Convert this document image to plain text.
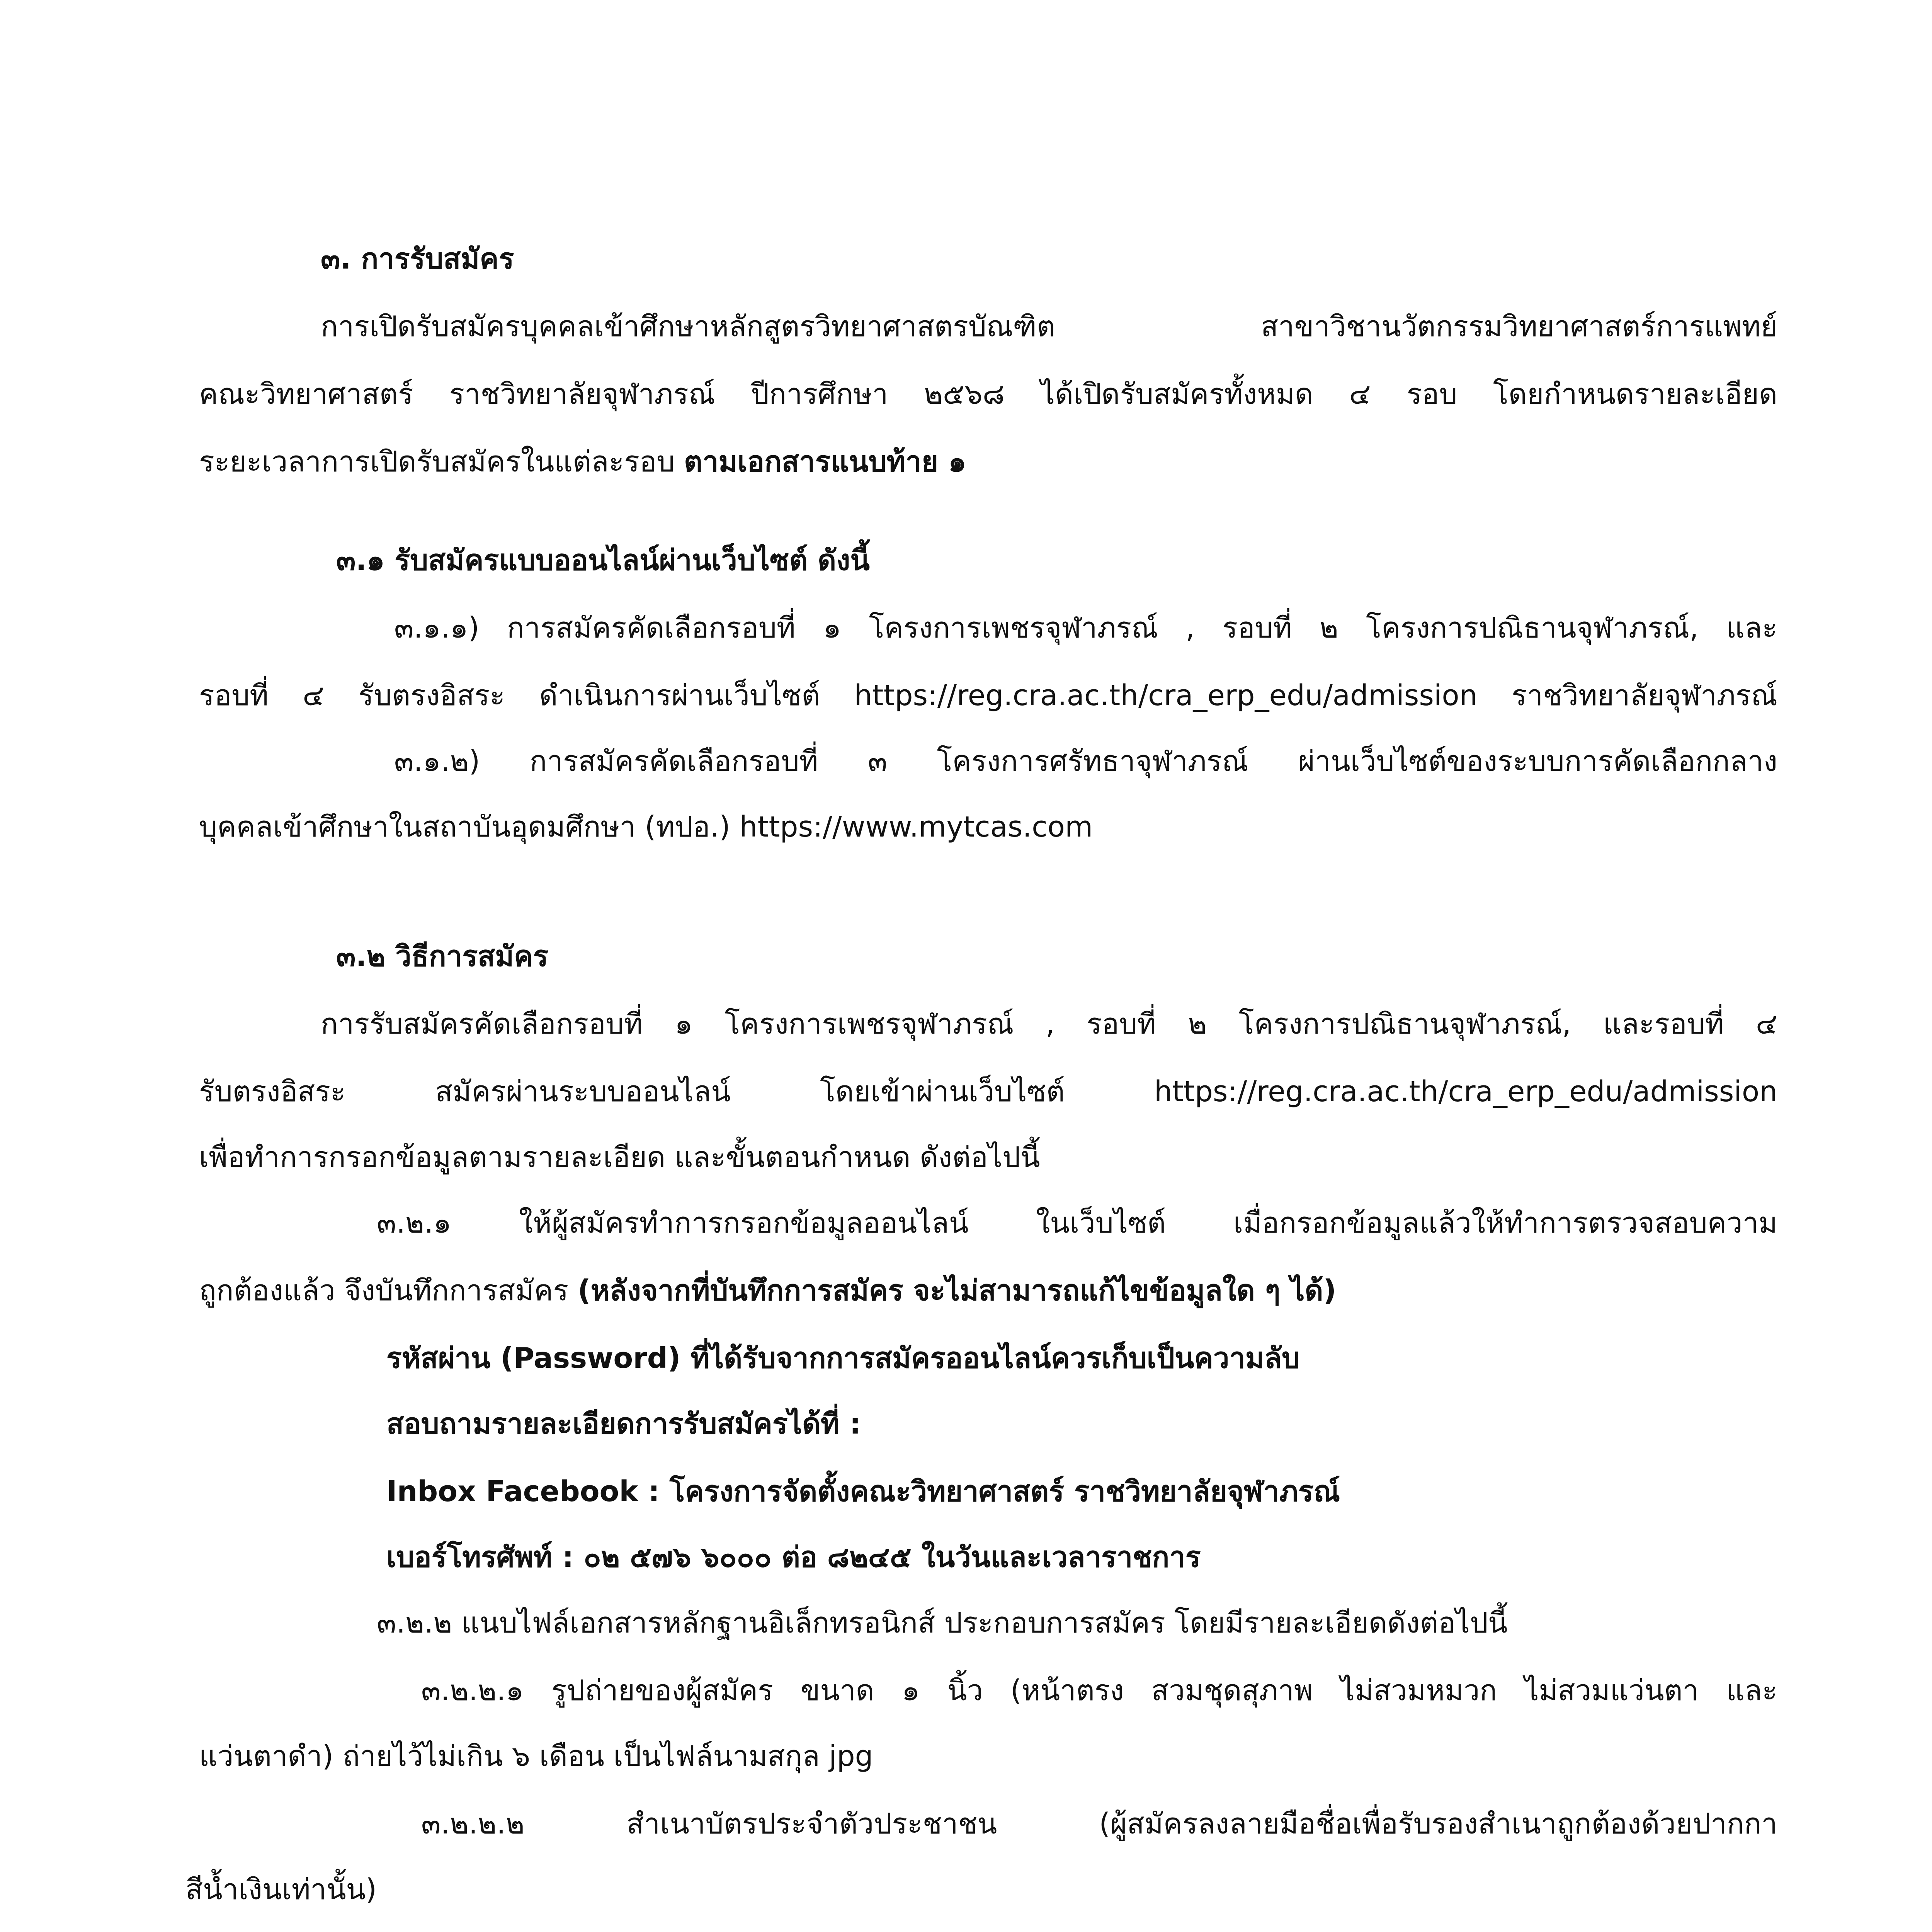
๓. การรับสมัคร
การเปิดรับสมัครบุคคลเข้าศึกษาหลักสูตรวิทยาศาสตรบัณฑิต สาขาวิชานวัตกรรมวิทยาศาสตร์การแพทย์
คณะวิทยาศาสตร์ ราชวิทยาลัยจุฬาภรณ์ ปีการศึกษา ๒๕๖๘ ได้เปิดรับสมัครทั้งหมด ๔ รอบ โดยกำหนดรายละเอียด
ระยะเวลาการเปิดรับสมัครในแต่ละรอบ ตามเอกสารแนบท้าย ๑
๓.๑ รับสมัครแบบออนไลน์ผ่านเว็บไซต์ ดังนี้
๓.๑.๑) การสมัครคัดเลือกรอบที่ ๑ โครงการเพชรจุฬาภรณ์ , รอบที่ ๒ โครงการปณิธานจุฬาภรณ์, และ
รอบที่ ๔ รับตรงอิสระ ดำเนินการผ่านเว็บไซต์ https://reg.cra.ac.th/cra_erp_edu/admission ราชวิทยาลัยจุฬาภรณ์
๓.๑.๒) การสมัครคัดเลือกรอบที่ ๓ โครงการศรัทธาจุฬาภรณ์ ผ่านเว็บไซต์ของระบบการคัดเลือกกลาง
บุคคลเข้าศึกษาในสถาบันอุดมศึกษา (ทปอ.) https://www.mytcas.com
๓.๒ วิธีการสมัคร
การรับสมัครคัดเลือกรอบที่ ๑ โครงการเพชรจุฬาภรณ์ , รอบที่ ๒ โครงการปณิธานจุฬาภรณ์, และรอบที่ ๔
รับตรงอิสระ สมัครผ่านระบบออนไลน์ โดยเข้าผ่านเว็บไซต์ https://reg.cra.ac.th/cra_erp_edu/admission
เพื่อทำการกรอกข้อมูลตามรายละเอียด และขั้นตอนกำหนด ดังต่อไปนี้
๓.๒.๑ ให้ผู้สมัครทำการกรอกข้อมูลออนไลน์ ในเว็บไซต์ เมื่อกรอกข้อมูลแล้วให้ทำการตรวจสอบความ
ถูกต้องแล้ว จึงบันทึกการสมัคร (หลังจากที่บันทึกการสมัคร จะไม่สามารถแก้ไขข้อมูลใด ๆ ได้)
รหัสผ่าน (Password) ที่ได้รับจากการสมัครออนไลน์ควรเก็บเป็นความลับ
สอบถามรายละเอียดการรับสมัครได้ที่ :
Inbox Facebook : โครงการจัดตั้งคณะวิทยาศาสตร์ ราชวิทยาลัยจุฬาภรณ์
เบอร์โทรศัพท์ : ๐๒ ๕๗๖ ๖๐๐๐ ต่อ ๘๒๔๕ ในวันและเวลาราชการ
๓.๒.๒ แนบไฟล์เอกสารหลักฐานอิเล็กทรอนิกส์ ประกอบการสมัคร โดยมีรายละเอียดดังต่อไปนี้
๓.๒.๒.๑ รูปถ่ายของผู้สมัคร ขนาด ๑ นิ้ว (หน้าตรง สวมชุดสุภาพ ไม่สวมหมวก ไม่สวมแว่นตา และ
แว่นตาดำ) ถ่ายไว้ไม่เกิน ๖ เดือน เป็นไฟล์นามสกุล jpg
๓.๒.๒.๒ สำเนาบัตรประจำตัวประชาชน (ผู้สมัครลงลายมือชื่อเพื่อรับรองสำเนาถูกต้องด้วยปากกา
สีน้ำเงินเท่านั้น)
